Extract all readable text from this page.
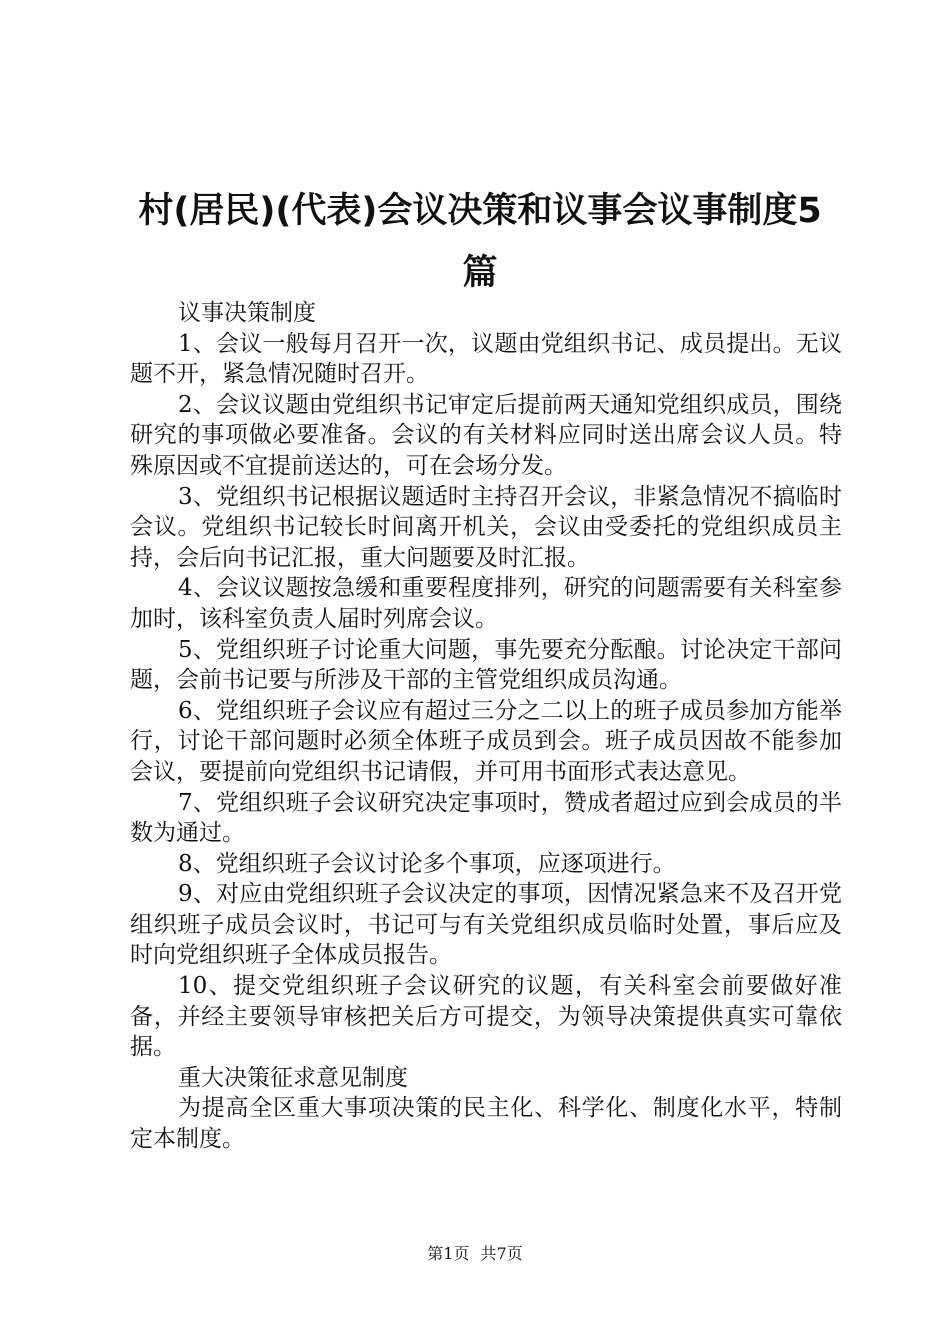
村(居民)(代表)会议决策和议事会议事制度5篇

议事决策制度

1、会议一般每月召开一次，议题由党组织书记、成员提出。无议题不开，紧急情况随时召开。

2、会议议题由党组织书记审定后提前两天通知党组织成员，围绕研究的事项做必要准备。会议的有关材料应同时送出席会议人员。特殊原因或不宜提前送达的，可在会场分发。

3、党组织书记根据议题适时主持召开会议，非紧急情况不搞临时会议。党组织书记较长时间离开机关，会议由受委托的党组织成员主持，会后向书记汇报，重大问题要及时汇报。

4、会议议题按急缓和重要程度排列，研究的问题需要有关科室参加时，该科室负责人届时列席会议。

5、党组织班子讨论重大问题，事先要充分酝酿。讨论决定干部问题，会前书记要与所涉及干部的主管党组织成员沟通。

6、党组织班子会议应有超过三分之二以上的班子成员参加方能举行，讨论干部问题时必须全体班子成员到会。班子成员因故不能参加会议，要提前向党组织书记请假，并可用书面形式表达意见。

7、党组织班子会议研究决定事项时，赞成者超过应到会成员的半数为通过。

8、党组织班子会议讨论多个事项，应逐项进行。

9、对应由党组织班子会议决定的事项，因情况紧急来不及召开党组织班子成员会议时，书记可与有关党组织成员临时处置，事后应及时向党组织班子全体成员报告。

10、提交党组织班子会议研究的议题，有关科室会前要做好准备，并经主要领导审核把关后方可提交，为领导决策提供真实可靠依据。

重大决策征求意见制度

为提高全区重大事项决策的民主化、科学化、制度化水平，特制定本制度。

第1页 共7页
